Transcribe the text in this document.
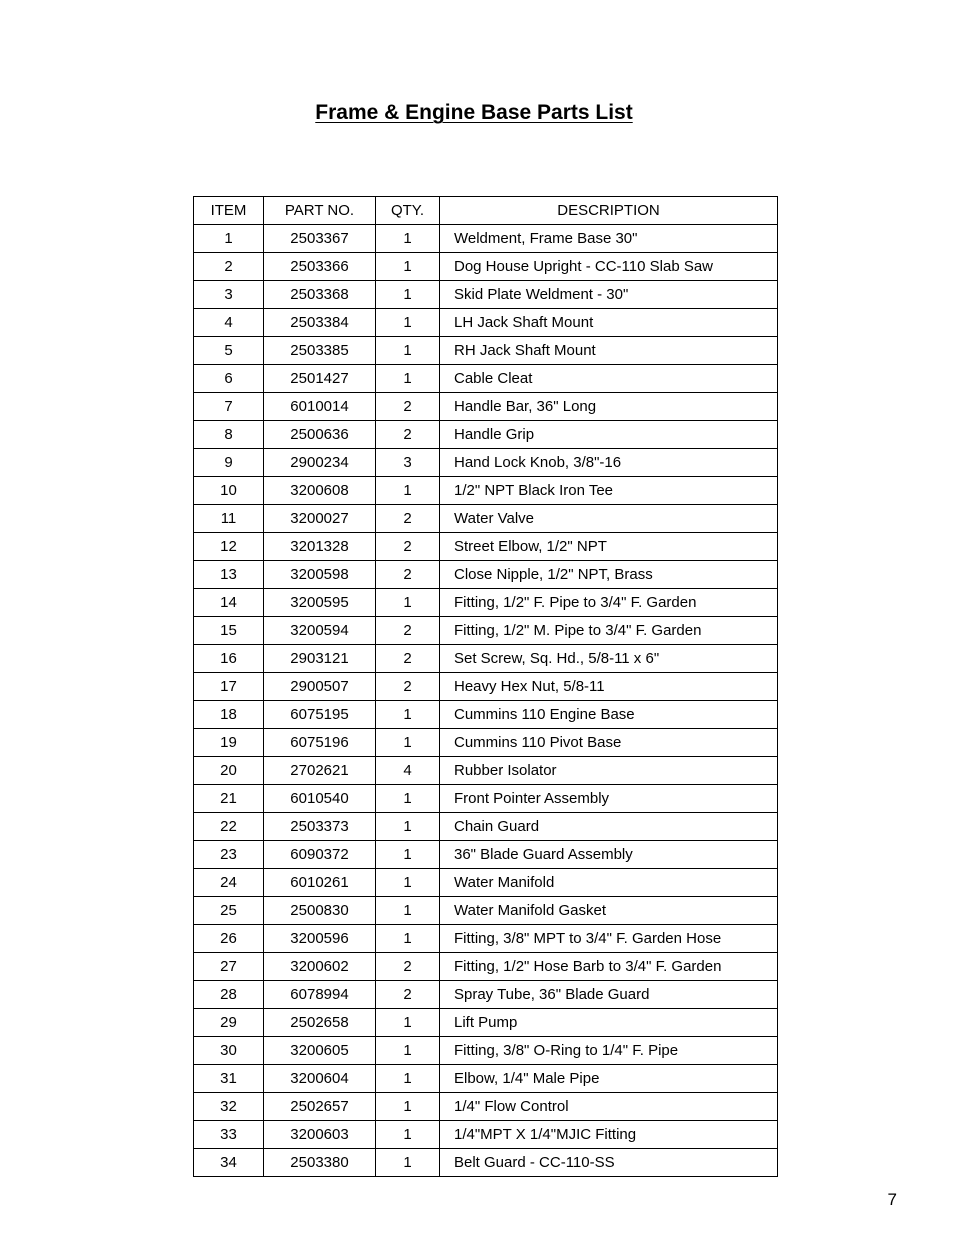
Frame & Engine Base Parts List
ITEM	PART NO.	QTY.	DESCRIPTION
1	2503367	1	Weldment, Frame Base 30"
2	2503366	1	Dog House Upright - CC-110 Slab Saw
3	2503368	1	Skid Plate Weldment - 30"
4	2503384	1	LH Jack Shaft Mount
5	2503385	1	RH Jack Shaft Mount
6	2501427	1	Cable Cleat
7	6010014	2	Handle Bar, 36" Long
8	2500636	2	Handle Grip
9	2900234	3	Hand Lock Knob, 3/8"-16
10	3200608	1	1/2" NPT Black Iron Tee
11	3200027	2	Water Valve
12	3201328	2	Street Elbow, 1/2" NPT
13	3200598	2	Close Nipple, 1/2" NPT, Brass
14	3200595	1	Fitting, 1/2" F. Pipe to 3/4" F. Garden
15	3200594	2	Fitting, 1/2" M. Pipe to 3/4" F. Garden
16	2903121	2	Set Screw, Sq. Hd., 5/8-11 x 6"
17	2900507	2	Heavy Hex Nut, 5/8-11
18	6075195	1	Cummins 110 Engine Base
19	6075196	1	Cummins 110 Pivot Base
20	2702621	4	Rubber Isolator
21	6010540	1	Front Pointer Assembly
22	2503373	1	Chain Guard
23	6090372	1	36" Blade Guard Assembly
24	6010261	1	Water Manifold
25	2500830	1	Water Manifold Gasket
26	3200596	1	Fitting, 3/8" MPT to 3/4" F. Garden Hose
27	3200602	2	Fitting, 1/2" Hose Barb to 3/4" F. Garden
28	6078994	2	Spray Tube, 36" Blade Guard
29	2502658	1	Lift Pump
30	3200605	1	Fitting, 3/8" O-Ring to 1/4" F. Pipe
31	3200604	1	Elbow, 1/4" Male Pipe
32	2502657	1	1/4" Flow Control
33	3200603	1	1/4"MPT X 1/4"MJIC Fitting
34	2503380	1	Belt Guard - CC-110-SS
7
